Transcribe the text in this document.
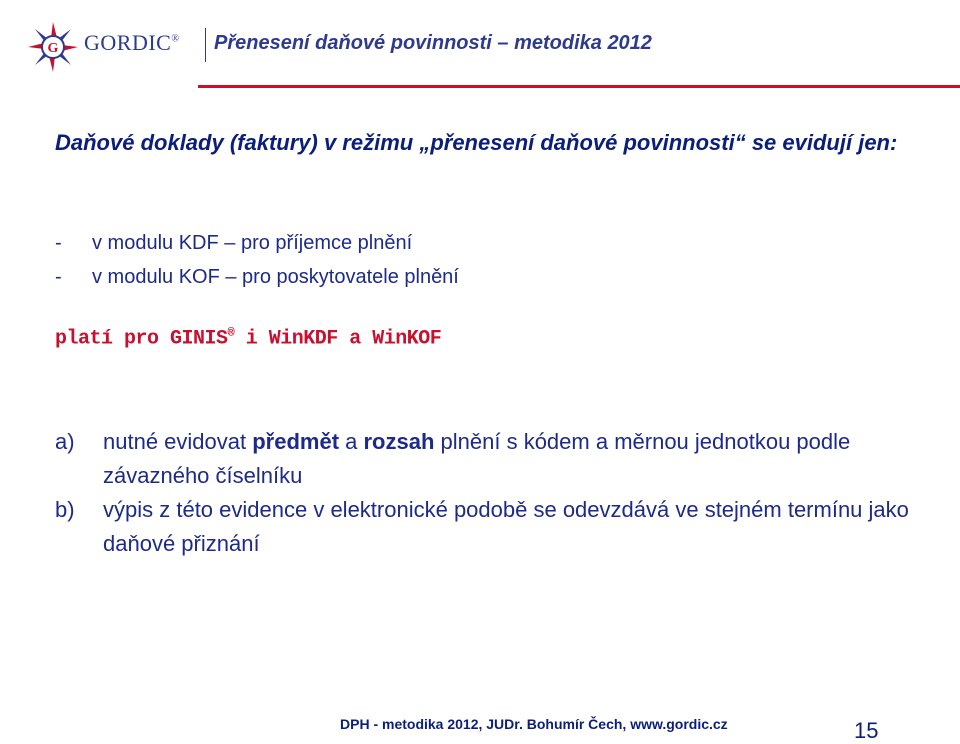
G GORDIC® Přenesení daňové povinnosti – metodika 2012
Daňové doklady (faktury) v režimu „přenesení daňové povinnosti“ se evidují jen:
- v modulu KDF – pro příjemce plnění
- v modulu KOF – pro poskytovatele plnění
platí pro GINIS® i WinKDF a WinKOF
a) nutné evidovat předmět a rozsah plnění s kódem a měrnou jednotkou podle závazného číselníku
b) výpis z této evidence v elektronické podobě se odevzdává ve stejném termínu jako daňové přiznání
DPH - metodika 2012, JUDr. Bohumír Čech, www.gordic.cz	15
